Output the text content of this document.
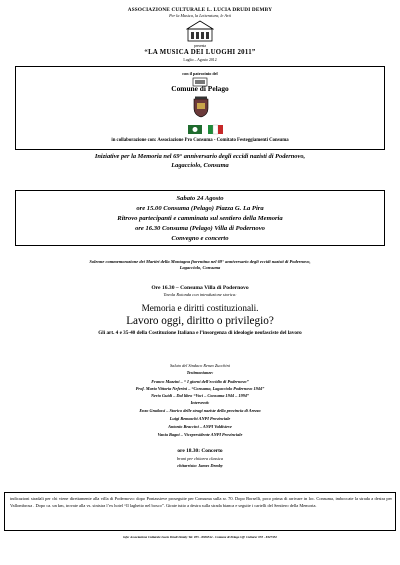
ASSOCIAZIONE CULTURALE L. LUCIA DRUDI DEMBY
Per la Musica, la Letteratura, le Arti
presenta
“LA MUSICA DEI LUOGHI 2011”
Luglio – Agosto 2012
con il patrocinio del
Comune di Pelago
in collaborazione con: Associazione Pro Consuma - Comitato Festeggiamenti Consuma
Iniziative per la Memoria nel 69° anniversario degli eccidi nazisti di Podernovo,
Lagacciolo, Consuma
Sabato 24 Agosto
ore 15.00 Consuma (Pelago) Piazza G. La Pira
Ritrovo partecipanti e camminata sul sentiero della Memoria
ore 16.30 Consuma (Pelago) Villa di Podernovo
Convegno e concerto
Solenne commemorazione dei Martiri della Montagna fiorentina nel 69° anniversario degli eccidi nazisti di Podernovo,
Lagacciolo, Consuma
Ore 16.30 – Consuma Villa di Podernovo
Tavola Rotonda con introduzione storica:
Memoria e diritti costituzionali.
Lavoro oggi, diritto o privilegio?
Gli art. 4 e 35-40 della Costituzione Italiana e l’insorgenza di ideologie neofasciste del lavoro
Saluto del Sindaco Renzo Zucchini
Testimonianze:
Franco Mazzini – “ I giorni dell’eccidio di Podernovo”
Prof. Maria Vittoria Neferini – “Consuma, Lagacciolo Podernovo 1944”
Nerio Guidi – Dal libro “Voci – Consuma 1944 – 1994”
Interventi:
Enzo Gradassi – Storico delle stragi naziste della provincia di Arezzo
Luigi Remaschi ANPI Provinciale
Antonio Braccini – ANPI Valdisieve
Vania Bagni – Vicepresidente ANPI Provinciale
ore 18.30: Concerto
brani per chitarra classica
chitarrista: James Demby
indicazioni stradali per chi viene direttamente alla villa di Podernovo: dopo Pontassieve proseguite per Consuma sulla sr. 70. Dopo Borselli, poco prima di arrivare in loc. Consuma, imboccate la strada a destra per Vallombrosa . Dopo ca. un km, trovate alla vs. sinistra l’ex hotel “Il laghetto nel bosco”. Girate tutto a destra sulla strada bianca e seguite i cartelli del Sentiero della Memoria.
info: Associazione Culturale Lucia Drudi Demby Tel. 055 - 8306544 - Comune di Pelago Uff. Cultura: 055 - 8327352
